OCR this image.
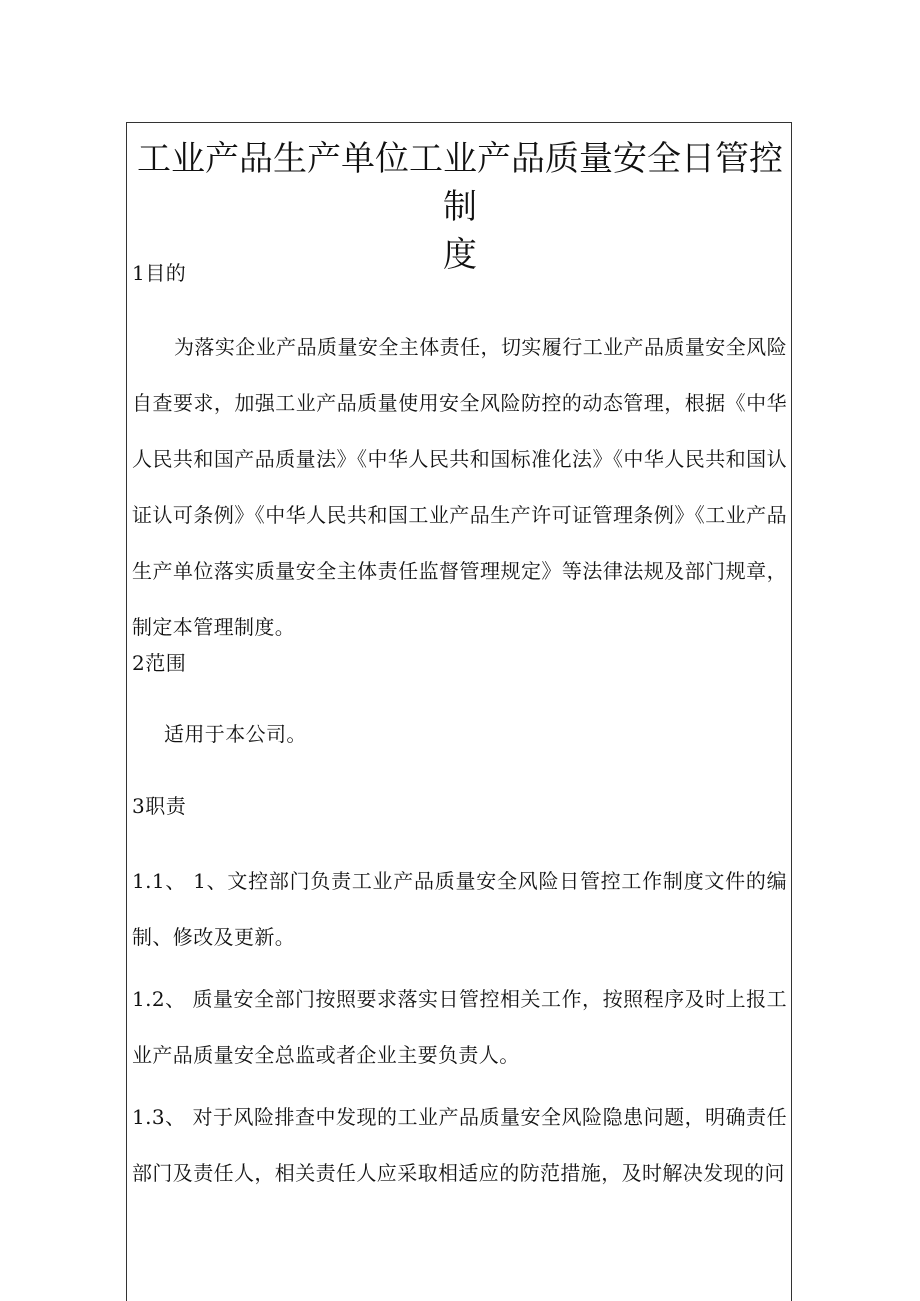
工业产品生产单位工业产品质量安全日管控制
度
1目的
为落实企业产品质量安全主体责任，切实履行工业产品质量安全风险自查要求，加强工业产品质量使用安全风险防控的动态管理，根据《中华人民共和国产品质量法》《中华人民共和国标准化法》《中华人民共和国认证认可条例》《中华人民共和国工业产品生产许可证管理条例》《工业产品生产单位落实质量安全主体责任监督管理规定》等法律法规及部门规章，制定本管理制度。
2范围
适用于本公司。
3职责
1.1、 1、文控部门负责工业产品质量安全风险日管控工作制度文件的编制、修改及更新。
1.2、 质量安全部门按照要求落实日管控相关工作，按照程序及时上报工业产品质量安全总监或者企业主要负责人。
1.3、 对于风险排查中发现的工业产品质量安全风险隐患问题，明确责任部门及责任人，相关责任人应采取相适应的防范措施，及时解决发现的问
